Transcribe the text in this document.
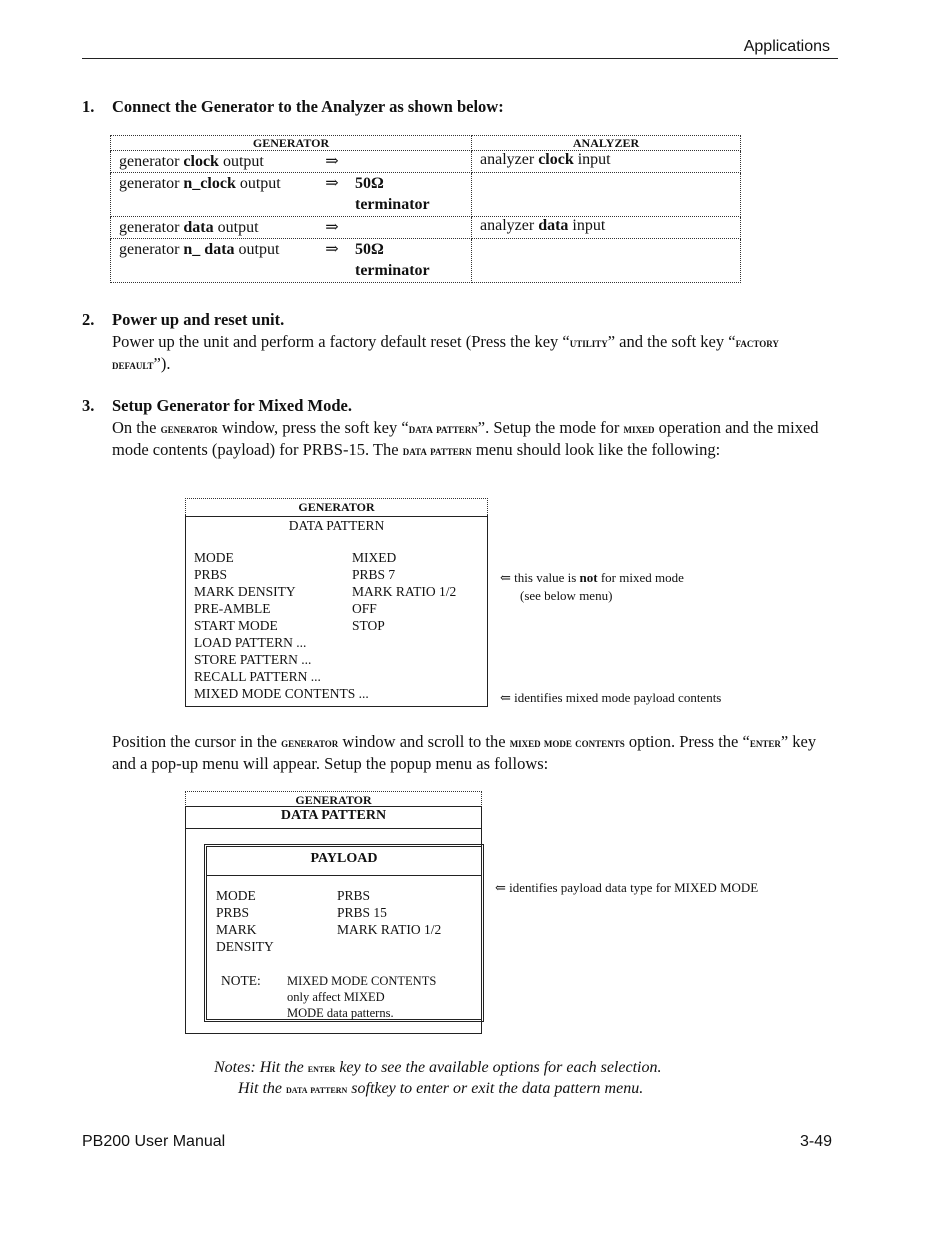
Applications
1. Connect the Generator to the Analyzer as shown below:
GENERATOR	ANALYZER
generator clock output ⇒	analyzer clock input

generator n_clock output ⇒ 50Ω
terminator	

generator data output ⇒	analyzer data input

generator n_ data output ⇒ 50Ω
terminator	

2. Power up and reset unit.
Power up the unit and perform a factory default reset (Press the key “utility” and the soft key “factory default”).
3. Setup Generator for Mixed Mode.
On the generator window, press the soft key “data pattern”. Setup the mode for mixed operation and the mixed mode contents (payload) for PRBS-15. The data pattern menu should look like the following:
GENERATOR
DATA PATTERN
MODE	MIXED
PRBS	PRBS 7
MARK DENSITY	MARK RATIO 1/2
PRE-AMBLE	OFF
START MODE	STOP
LOAD PATTERN ...
STORE PATTERN ...
RECALL PATTERN ...
MIXED MODE CONTENTS ...
⇐ this value is not for mixed mode
(see below menu)
⇐ identifies mixed mode payload contents
Position the cursor in the generator window and scroll to the mixed mode contents option. Press the “enter” key and a pop-up menu will appear. Setup the popup menu as follows:
GENERATOR
DATA PATTERN
PAYLOAD
MODE	PRBS
PRBS	PRBS 15
MARK	MARK RATIO 1/2
DENSITY
NOTE:	MIXED MODE CONTENTS
only affect MIXED
MODE data patterns.
⇐ identifies payload data type for MIXED MODE
Notes: Hit the enter key to see the available options for each selection.
Hit the data pattern softkey to enter or exit the data pattern menu.
PB200 User Manual	3-49
